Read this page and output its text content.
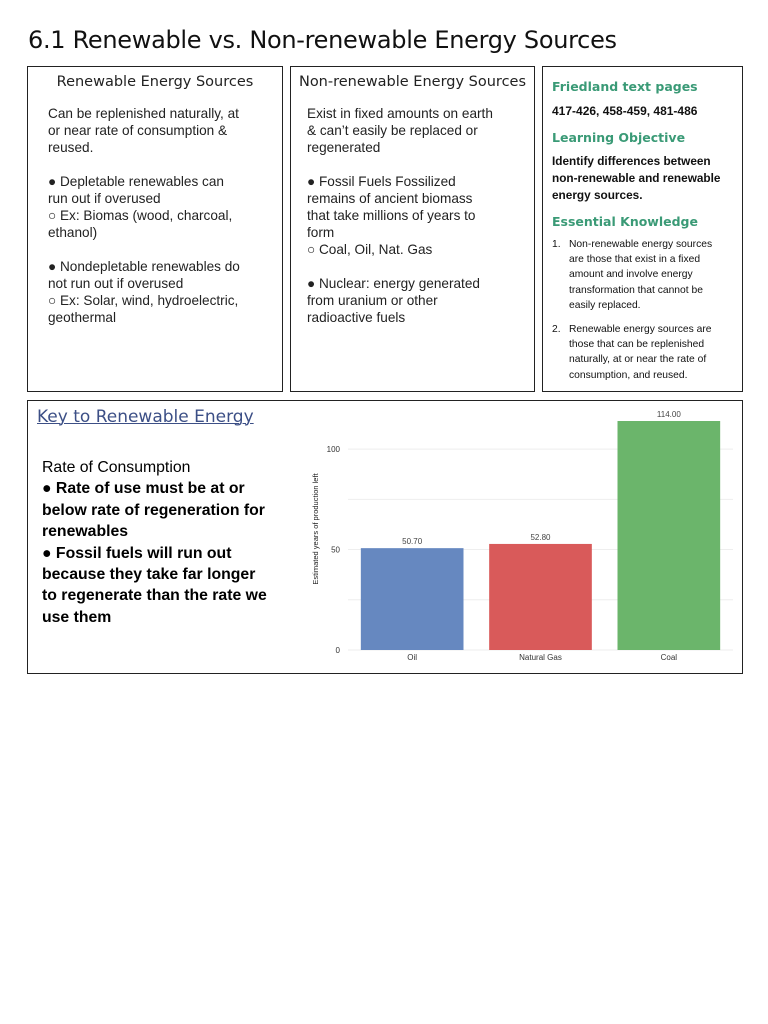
6.1 Renewable vs. Non-renewable Energy Sources
Renewable Energy Sources

Can be replenished naturally, at
or near rate of consumption &
reused.

● Depletable renewables can
run out if overused
○ Ex: Biomas (wood, charcoal,
ethanol)

● Nondepletable renewables do
not run out if overused
○ Ex: Solar, wind, hydroelectric,
geothermal

Non-renewable Energy Sources

Exist in fixed amounts on earth
& can’t easily be replaced or
regenerated

● Fossil Fuels Fossilized
remains of ancient biomass
that take millions of years to
form
○ Coal, Oil, Nat. Gas

● Nuclear: energy generated
from uranium or other
radioactive fuels

Friedland text pages
417-426, 458-459, 481-486
Learning Objective
Identify differences between
non-renewable and renewable
energy sources.
Essential Knowledge
1. Non-renewable energy sources
are those that exist in a fixed
amount and involve energy
transformation that cannot be
easily replaced.
2. Renewable energy sources are
those that can be replenished
naturally, at or near the rate of
consumption, and reused.
Key to Renewable Energy
Rate of Consumption
● Rate of use must be at or
below rate of regeneration for
renewables
● Fossil fuels will run out
because they take far longer
to regenerate than the rate we
use them
0
50
100
50.70
Oil
52.80
Natural Gas
114.00
Coal
Estimated years of production left
